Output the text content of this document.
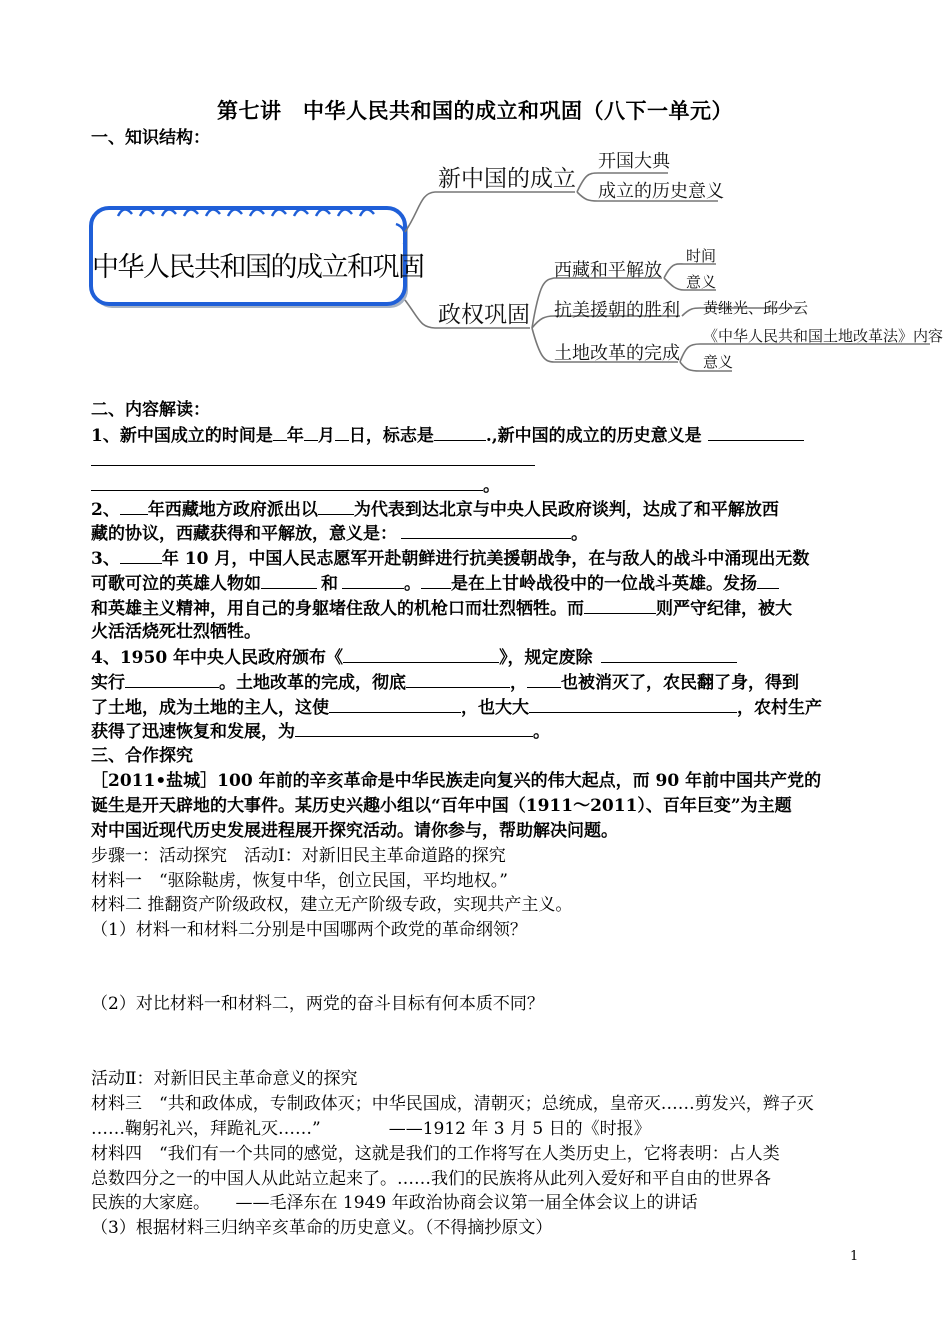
第七讲　中华人民共和国的成立和巩固（八下一单元）
一、知识结构：
中华人民共和国的成立和巩固
新中国的成立
开国大典
成立的历史意义
政权巩固
西藏和平解放
抗美援朝的胜利
土地改革的完成
时间
意义
黄继光、邱少云
《中华人民共和国土地改革法》内容
意义
二、内容解读：
1、新中国成立的时间是 年 月 日，标志是	.,新中国的成立的历史意义是
。
2、 年西藏地方政府派出以 为代表到达北京与中央人民政府谈判，达成了和平解放西
藏的协议，西藏获得和平解放，意义是：	。
3、 年 10 月，中国人民志愿军开赴朝鲜进行抗美援朝战争，在与敌人的战斗中涌现出无数
可歌可泣的英雄人物如	和	。 是在上甘岭战役中的一位战斗英雄。发扬
和英雄主义精神，用自己的身躯堵住敌人的机枪口而壮烈牺牲。而	则严守纪律，被大
火活活烧死壮烈牺牲。
4、1950 年中央人民政府颁布《	》，规定废除
实行	。土地改革的完成，彻底	， 也被消灭了，农民翻了身，得到
了土地，成为土地的主人，这使	，也大大	，农村生产
获得了迅速恢复和发展，为	。
三、合作探究
［2011•盐城］100 年前的辛亥革命是中华民族走向复兴的伟大起点，而 90 年前中国共产党的
诞生是开天辟地的大事件。某历史兴趣小组以“百年中国（1911～2011）、百年巨变”为主题
对中国近现代历史发展进程展开探究活动。请你参与，帮助解决问题。
步骤一：活动探究　活动Ⅰ：对新旧民主革命道路的探究
材料一　“驱除鞑虏，恢复中华，创立民国，平均地权。”
材料二 推翻资产阶级政权，建立无产阶级专政，实现共产主义。
（1）材料一和材料二分别是中国哪两个政党的革命纲领？
（2）对比材料一和材料二，两党的奋斗目标有何本质不同？
活动Ⅱ：对新旧民主革命意义的探究
材料三　“共和政体成，专制政体灭；中华民国成，清朝灭；总统成，皇帝灭……剪发兴，辫子灭
……鞠躬礼兴，拜跪礼灭……”　　　　——1912 年 3 月 5 日的《时报》
材料四　“我们有一个共同的感觉，这就是我们的工作将写在人类历史上，它将表明：占人类
总数四分之一的中国人从此站立起来了。……我们的民族将从此列入爱好和平自由的世界各
民族的大家庭。　　——毛泽东在 1949 年政治协商会议第一届全体会议上的讲话
（3）根据材料三归纳辛亥革命的历史意义。（不得摘抄原文）
1
